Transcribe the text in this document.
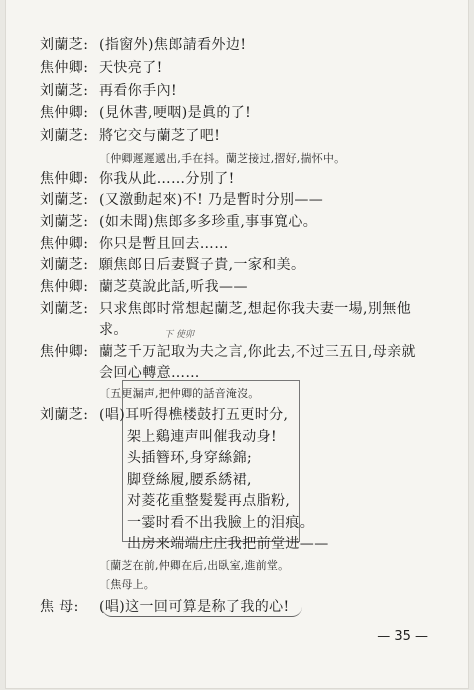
刘蘭芝: (指窗外)焦郎請看外边!
焦仲卿: 天快亮了!
刘蘭芝: 再看你手內!
焦仲卿: (見休書,哽咽)是眞的了!
刘蘭芝: 將它交与蘭芝了吧!
〔仲卿遲遲遞出,手在抖。蘭芝接过,摺好,揣怀中。
焦仲卿: 你我从此……分別了!
刘蘭芝: (又激動起來)不! 乃是暫时分別——
刘蘭芝: (如未聞)焦郎多多珍重,事事寬心。
焦仲卿: 你只是暫且回去……
刘蘭芝: 願焦郎日后妻賢子貴,一家和美。
焦仲卿: 蘭芝莫說此話,听我——
刘蘭芝: 只求焦郎时常想起蘭芝,想起你我夫妻一場,別無他
求。	下 使卯
焦仲卿: 蘭芝千万記取为夫之言,你此去,不过三五日,母亲就
会回心轉意……
〔五更漏声,把仲卿的話音淹沒。
刘蘭芝: (唱)耳听得樵楼鼓打五更时分,
架上鷄連声叫催我动身!
头插簪环,身穿絲錦;
脚登絲履,腰系綉裙,
对菱花重整髮髮再点脂粉,
一霎时看不出我臉上的泪痕。
出房来端端庄庄我把前堂进——
〔蘭芝在前,仲卿在后,出臥室,進前堂。
〔焦母上。
焦 母: (唱)这一回可算是称了我的心!
— 35 —
